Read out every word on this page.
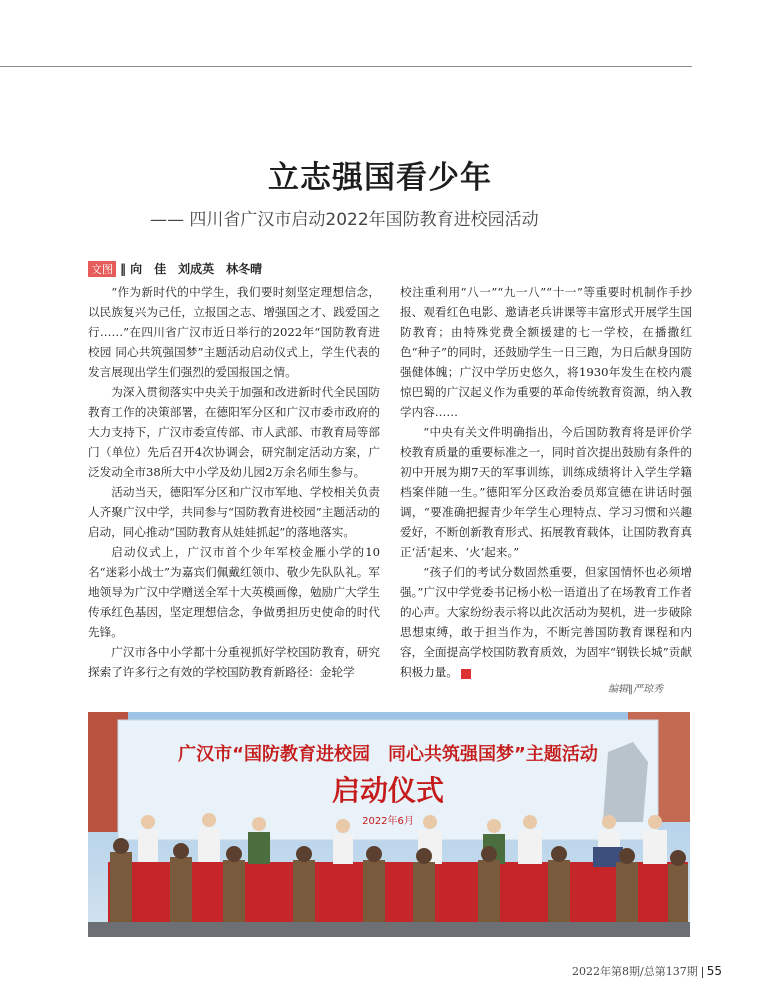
立志强国看少年
—— 四川省广汉市启动2022年国防教育进校园活动
文图 ‖ 向　佳　刘成英　林冬晴

“作为新时代的中学生，我们要时刻坚定理想信念，以民族复兴为己任，立报国之志、增强国之才、践爱国之行……”在四川省广汉市近日举行的2022年“国防教育进校园 同心共筑强国梦”主题活动启动仪式上，学生代表的发言展现出学生们强烈的爱国报国之情。

为深入贯彻落实中央关于加强和改进新时代全民国防教育工作的决策部署，在德阳军分区和广汉市委市政府的大力支持下，广汉市委宣传部、市人武部、市教育局等部门（单位）先后召开4次协调会，研究制定活动方案，广泛发动全市38所大中小学及幼儿园2万余名师生参与。

活动当天，德阳军分区和广汉市军地、学校相关负责人齐聚广汉中学，共同参与“国防教育进校园”主题活动的启动，同心推动“国防教育从娃娃抓起”的落地落实。

启动仪式上，广汉市首个少年军校金雁小学的10名“迷彩小战士”为嘉宾们佩戴红领巾、敬少先队队礼。军地领导为广汉中学赠送全军十大英模画像，勉励广大学生传承红色基因，坚定理想信念，争做勇担历史使命的时代先锋。

广汉市各中小学都十分重视抓好学校国防教育，研究探索了许多行之有效的学校国防教育新路径：金轮学

校注重利用“八一”“九一八”“十一”等重要时机制作手抄报、观看红色电影、邀请老兵讲课等丰富形式开展学生国防教育；由特殊党费全额援建的七一学校，在播撒红色“种子”的同时，还鼓励学生一日三跑，为日后献身国防强健体魄；广汉中学历史悠久，将1930年发生在校内震惊巴蜀的广汉起义作为重要的革命传统教育资源，纳入教学内容……

“中央有关文件明确指出，今后国防教育将是评价学校教育质量的重要标准之一，同时首次提出鼓励有条件的初中开展为期7天的军事训练，训练成绩将计入学生学籍档案伴随一生。”德阳军分区政治委员郑宣德在讲话时强调，“要准确把握青少年学生心理特点、学习习惯和兴趣爱好，不断创新教育形式、拓展教育载体，让国防教育真正‘活’起来、‘火’起来。”

“孩子们的考试分数固然重要，但家国情怀也必须增强。”广汉中学党委书记杨小松一语道出了在场教育工作者的心声。大家纷纷表示将以此次活动为契机，进一步破除思想束缚，敢于担当作为，不断完善国防教育课程和内容，全面提高学校国防教育质效，为固牢“钢铁长城”贡献积极力量。	G

编辑‖严琼秀
广汉市“国防教育进校园　同心共筑强国梦”主题活动
启动仪式
2022年6月
2022年第8期/总第137期 55
